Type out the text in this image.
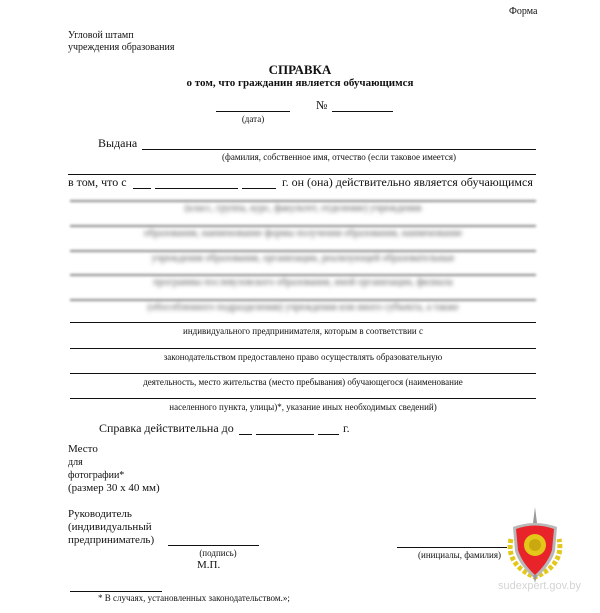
Форма
Угловой штамп
учреждения образования
СПРАВКА
о том, что гражданин является обучающимся
(дата)
№
Выдана
(фамилия, собственное имя, отчество (если таковое имеется)
в том, что с	г. он (она) действительно является обучающимся
(класс, группа, курс, факультет, отделение) учреждения
образования, наименование формы получения образования, наименование
учреждения образования, организации, реализующей образовательные
программы послевузовского образования, иной организации, филиала
(обособленного подразделения) учреждения или иного субъекта, а также
индивидуального предпринимателя, которым в соответствии с
законодательством предоставлено право осуществлять образовательную
деятельность, место жительства (место пребывания) обучающегося (наименование
населенного пункта, улицы)*, указание иных необходимых сведений)
Справка действительна до	г.
Место
для
фотографии*
(размер 30 х 40 мм)
Руководитель
(индивидуальный
предприниматель)
(подпись)
М.П.
(инициалы, фамилия)
* В случаях, установленных законодательством.»;
sudexpert.gov.by
